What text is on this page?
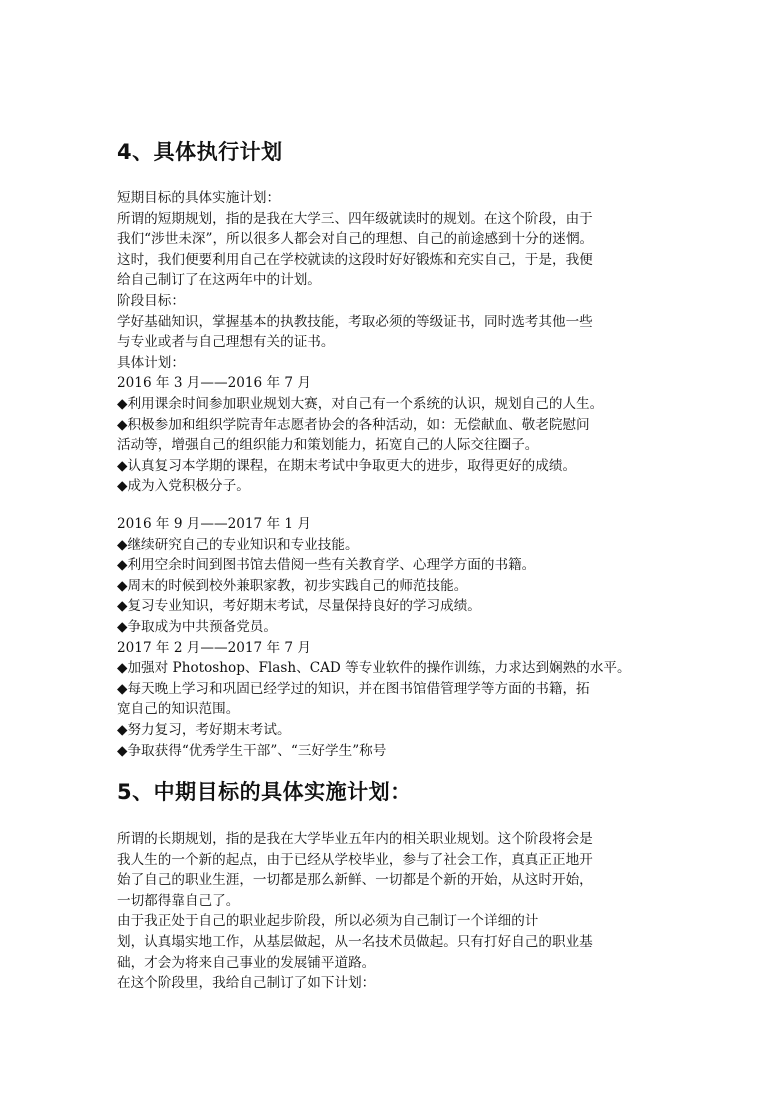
4、具体执行计划
短期目标的具体实施计划：
所谓的短期规划，指的是我在大学三、四年级就读时的规划。在这个阶段，由于
我们“涉世未深”，所以很多人都会对自己的理想、自己的前途感到十分的迷惘。
这时，我们便要利用自己在学校就读的这段时好好锻炼和充实自己，于是，我便
给自己制订了在这两年中的计划。
阶段目标：
学好基础知识，掌握基本的执教技能，考取必须的等级证书，同时选考其他一些
与专业或者与自己理想有关的证书。
具体计划：
2016 年 3 月——2016 年 7 月
◆利用课余时间参加职业规划大赛，对自己有一个系统的认识，规划自己的人生。
◆积极参加和组织学院青年志愿者协会的各种活动，如：无偿献血、敬老院慰问
活动等，增强自己的组织能力和策划能力，拓宽自己的人际交往圈子。
◆认真复习本学期的课程，在期末考试中争取更大的进步，取得更好的成绩。
◆成为入党积极分子。
2016 年 9 月——2017 年 1 月
◆继续研究自己的专业知识和专业技能。
◆利用空余时间到图书馆去借阅一些有关教育学、心理学方面的书籍。
◆周末的时候到校外兼职家教，初步实践自己的师范技能。
◆复习专业知识，考好期末考试，尽量保持良好的学习成绩。
◆争取成为中共预备党员。
2017 年 2 月——2017 年 7 月
◆加强对 Photoshop、Flash、CAD 等专业软件的操作训练，力求达到娴熟的水平。
◆每天晚上学习和巩固已经学过的知识，并在图书馆借管理学等方面的书籍，拓
宽自己的知识范围。
◆努力复习，考好期末考试。
◆争取获得“优秀学生干部”、“三好学生”称号
5、中期目标的具体实施计划：
所谓的长期规划，指的是我在大学毕业五年内的相关职业规划。这个阶段将会是
我人生的一个新的起点，由于已经从学校毕业，参与了社会工作，真真正正地开
始了自己的职业生涯，一切都是那么新鲜、一切都是个新的开始，从这时开始，
一切都得靠自己了。
由于我正处于自己的职业起步阶段，所以必须为自己制订一个详细的计
划，认真塌实地工作，从基层做起，从一名技术员做起。只有打好自己的职业基
础，才会为将来自己事业的发展铺平道路。
在这个阶段里，我给自己制订了如下计划：
